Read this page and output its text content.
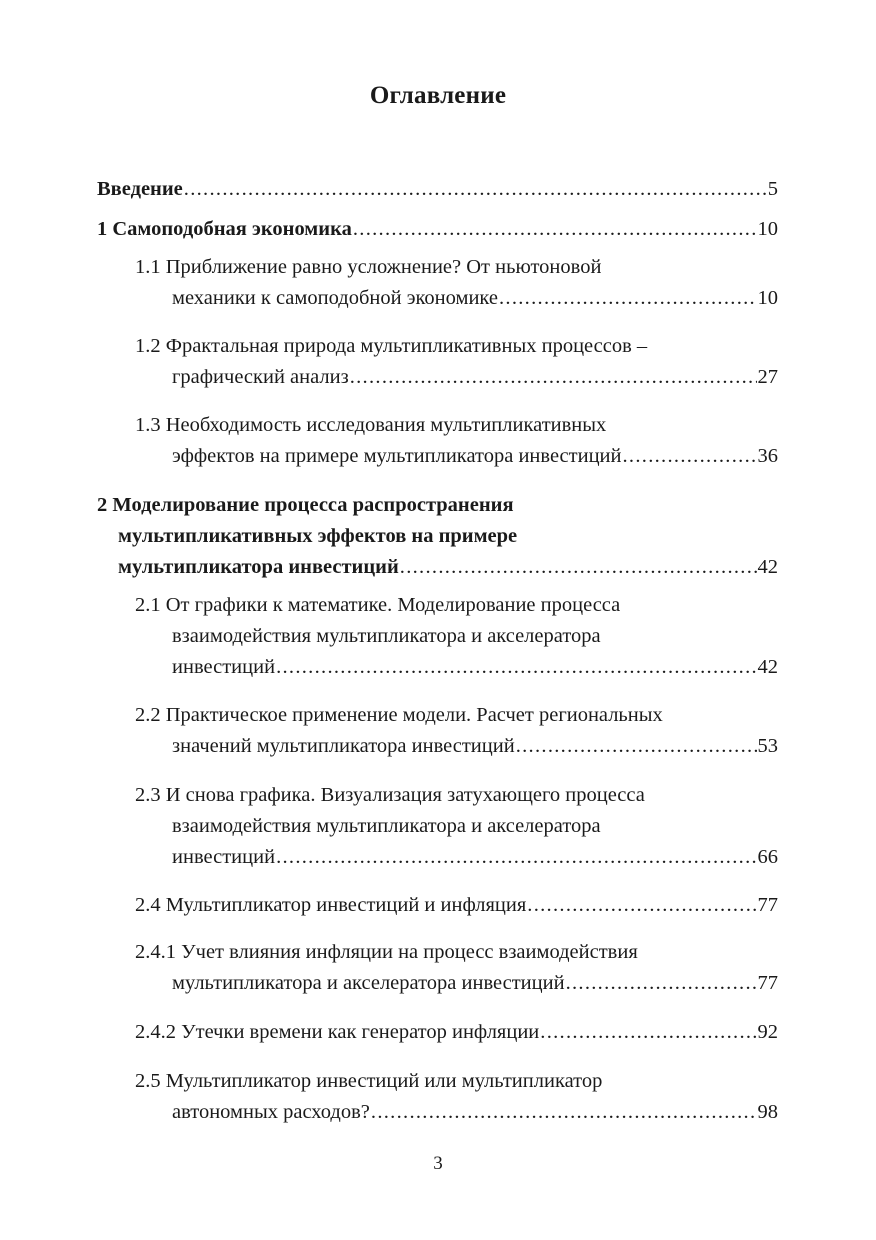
Оглавление
Введение .....	5
1 Самоподобная экономика .....	10
1.1 Приближение равно усложнение? От ньютоновой
механики к самоподобной экономике .....	10
1.2 Фрактальная природа мультипликативных процессов –
графический анализ .....	27
1.3 Необходимость исследования мультипликативных
эффектов на примере мультипликатора инвестиций .....	36
2 Моделирование процесса распространения
мультипликативных эффектов на примере
мультипликатора инвестиций .....	42
2.1 От графики к математике. Моделирование процесса
взаимодействия мультипликатора и акселератора
инвестиций .....	42
2.2 Практическое применение модели. Расчет региональных
значений мультипликатора инвестиций .....	53
2.3 И снова графика. Визуализация затухающего процесса
взаимодействия мультипликатора и акселератора
инвестиций .....	66
2.4 Мультипликатор инвестиций и инфляция .....	77
2.4.1 Учет влияния инфляции на процесс взаимодействия
мультипликатора и акселератора инвестиций .....	77
2.4.2 Утечки времени как генератор инфляции .....	92
2.5 Мультипликатор инвестиций или мультипликатор
автономных расходов? .....	98
3
